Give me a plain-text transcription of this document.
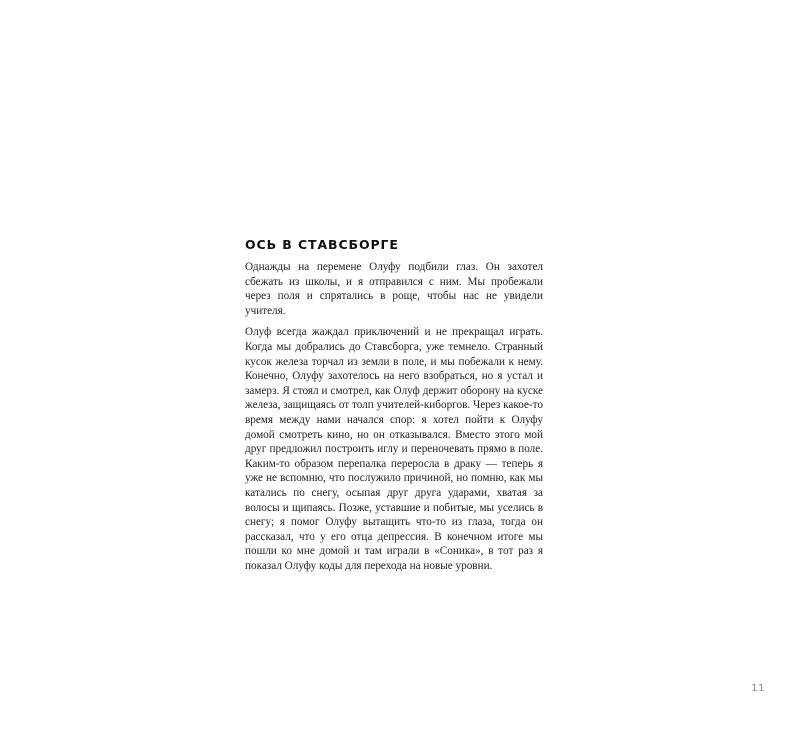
ОСЬ В СТАВСБОРГЕ

Однажды на перемене Олуфу подбили глаз. Он захотел сбежать из школы, и я отправился с ним. Мы пробежали через поля и спрятались в роще, чтобы нас не увидели учителя.

Олуф всегда жаждал приключений и не прекращал играть. Когда мы добрались до Ставсборга, уже темнело. Странный кусок железа торчал из земли в поле, и мы побежали к нему. Конечно, Олуфу захотелось на него взобраться, но я устал и замерз. Я стоял и смотрел, как Олуф держит оборону на куске железа, защищаясь от толп учителей-киборгов. Через какое-то время между нами начался спор: я хотел пойти к Олуфу домой смотреть кино, но он отказывался. Вместо этого мой друг предложил построить иглу и переночевать прямо в поле. Каким-то образом перепалка переросла в драку — теперь я уже не вспомню, что послужило причиной, но помню, как мы катались по снегу, осыпая друг друга ударами, хватая за волосы и щипаясь. Позже, уставшие и побитые, мы уселись в снегу; я помог Олуфу вытащить что-то из глаза, тогда он рассказал, что у его отца депрессия. В конечном итоге мы пошли ко мне домой и там играли в «Соника», в тот раз я показал Олуфу коды для перехода на новые уровни.

11
